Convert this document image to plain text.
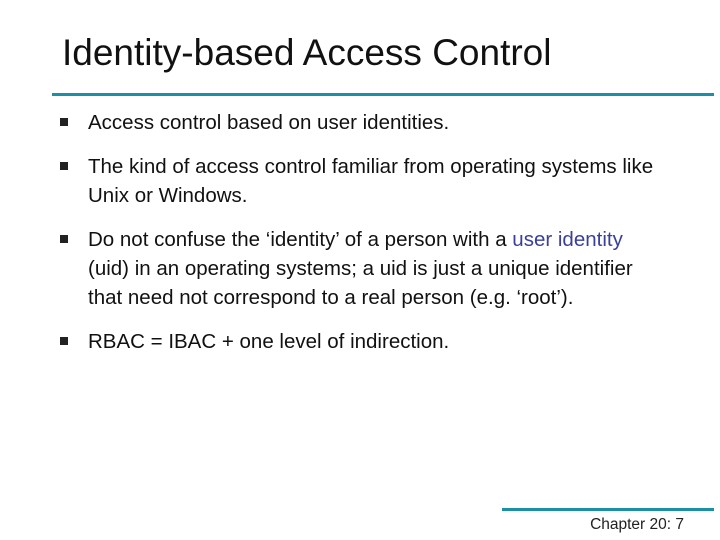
Identity-based Access Control
Access control based on user identities.
The kind of access control familiar from operating systems like Unix or Windows.
Do not confuse the ‘identity’ of a person with a user identity (uid) in an operating systems; a uid is just a unique identifier that need not correspond to a real person (e.g. ‘root’).
RBAC = IBAC + one level of indirection.
Chapter 20: 7
